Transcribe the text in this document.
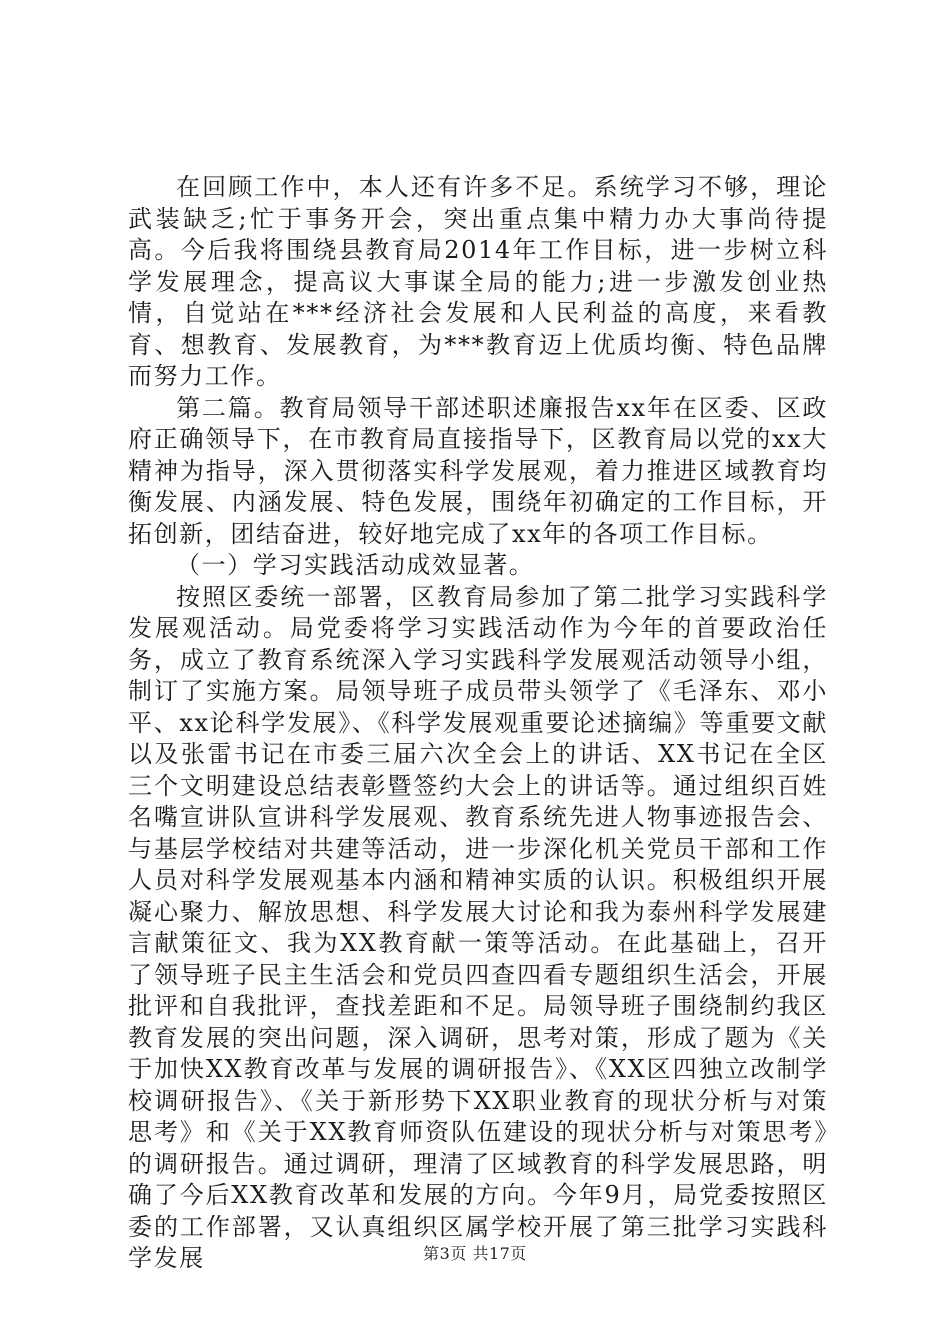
在回顾工作中，本人还有许多不足。系统学习不够，理论武装缺乏;忙于事务开会，突出重点集中精力办大事尚待提高。今后我将围绕县教育局2014年工作目标，进一步树立科学发展理念，提高议大事谋全局的能力;进一步激发创业热情，自觉站在***经济社会发展和人民利益的高度，来看教育、想教育、发展教育，为***教育迈上优质均衡、特色品牌而努力工作。

第二篇。教育局领导干部述职述廉报告xx年在区委、区政府正确领导下，在市教育局直接指导下，区教育局以党的xx大精神为指导，深入贯彻落实科学发展观，着力推进区域教育均衡发展、内涵发展、特色发展，围绕年初确定的工作目标，开拓创新，团结奋进，较好地完成了xx年的各项工作目标。

（一）学习实践活动成效显著。

按照区委统一部署，区教育局参加了第二批学习实践科学发展观活动。局党委将学习实践活动作为今年的首要政治任务，成立了教育系统深入学习实践科学发展观活动领导小组，制订了实施方案。局领导班子成员带头领学了《毛泽东、邓小平、xx论科学发展》、《科学发展观重要论述摘编》等重要文献以及张雷书记在市委三届六次全会上的讲话、XX书记在全区三个文明建设总结表彰暨签约大会上的讲话等。通过组织百姓名嘴宣讲队宣讲科学发展观、教育系统先进人物事迹报告会、与基层学校结对共建等活动，进一步深化机关党员干部和工作人员对科学发展观基本内涵和精神实质的认识。积极组织开展凝心聚力、解放思想、科学发展大讨论和我为泰州科学发展建言献策征文、我为XX教育献一策等活动。在此基础上，召开了领导班子民主生活会和党员四查四看专题组织生活会，开展批评和自我批评，查找差距和不足。局领导班子围绕制约我区教育发展的突出问题，深入调研，思考对策，形成了题为《关于加快XX教育改革与发展的调研报告》、《XX区四独立改制学校调研报告》、《关于新形势下XX职业教育的现状分析与对策思考》和《关于XX教育师资队伍建设的现状分析与对策思考》的调研报告。通过调研，理清了区域教育的科学发展思路，明确了今后XX教育改革和发展的方向。今年9月，局党委按照区委的工作部署，又认真组织区属学校开展了第三批学习实践科学发展	第3页 共17页
